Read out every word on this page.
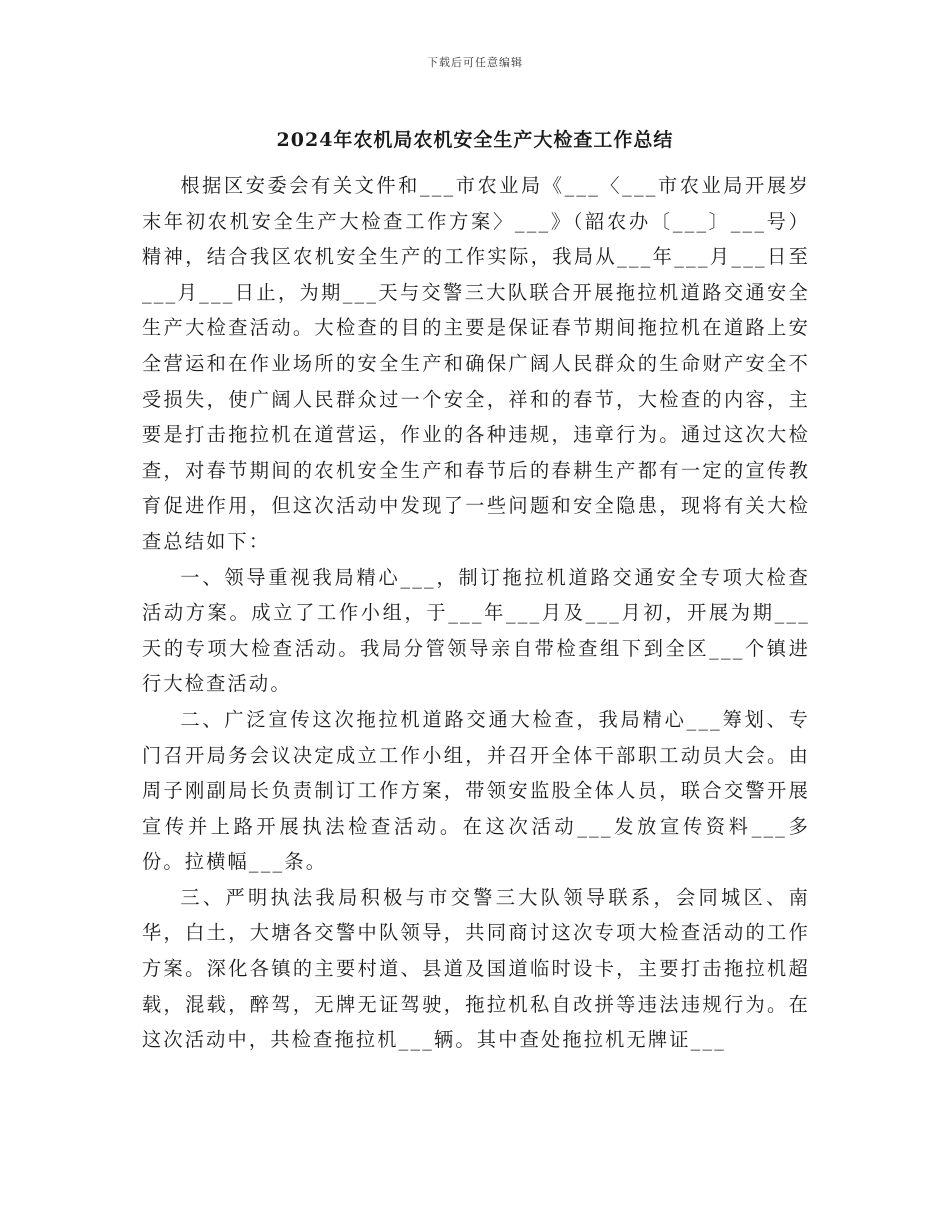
下载后可任意编辑
2024年农机局农机安全生产大检查工作总结

根据区安委会有关文件和___市农业局《___〈___市农业局开展岁末年初农机安全生产大检查工作方案〉___》（韶农办〔___〕___号）精神，结合我区农机安全生产的工作实际，我局从___年___月___日至___月___日止，为期___天与交警三大队联合开展拖拉机道路交通安全生产大检查活动。大检查的目的主要是保证春节期间拖拉机在道路上安全营运和在作业场所的安全生产和确保广阔人民群众的生命财产安全不受损失，使广阔人民群众过一个安全，祥和的春节，大检查的内容，主要是打击拖拉机在道营运，作业的各种违规，违章行为。通过这次大检查，对春节期间的农机安全生产和春节后的春耕生产都有一定的宣传教育促进作用，但这次活动中发现了一些问题和安全隐患，现将有关大检查总结如下：

一、领导重视我局精心___，制订拖拉机道路交通安全专项大检查活动方案。成立了工作小组，于___年___月及___月初，开展为期___天的专项大检查活动。我局分管领导亲自带检查组下到全区___个镇进行大检查活动。

二、广泛宣传这次拖拉机道路交通大检查，我局精心___筹划、专门召开局务会议决定成立工作小组，并召开全体干部职工动员大会。由周子刚副局长负责制订工作方案，带领安监股全体人员，联合交警开展宣传并上路开展执法检查活动。在这次活动___发放宣传资料___多份。拉横幅___条。

三、严明执法我局积极与市交警三大队领导联系，会同城区、南华，白土，大塘各交警中队领导，共同商讨这次专项大检查活动的工作方案。深化各镇的主要村道、县道及国道临时设卡，主要打击拖拉机超载，混载，醉驾，无牌无证驾驶，拖拉机私自改拼等违法违规行为。在这次活动中，共检查拖拉机___辆。其中查处拖拉机无牌证___
